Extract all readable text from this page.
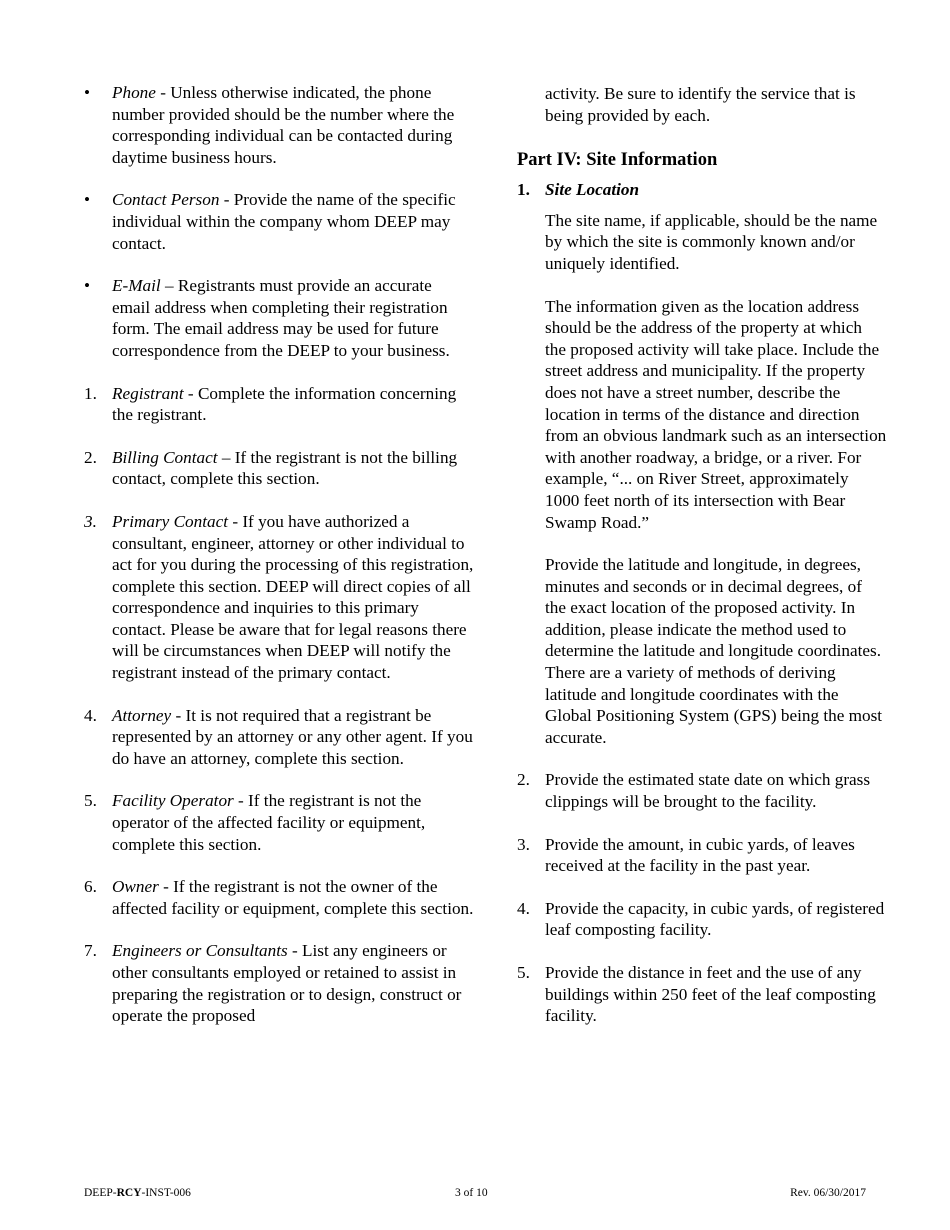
• Phone - Unless otherwise indicated, the phone number provided should be the number where the corresponding individual can be contacted during daytime business hours.
• Contact Person - Provide the name of the specific individual within the company whom DEEP may contact.
• E-Mail – Registrants must provide an accurate email address when completing their registration form. The email address may be used for future correspondence from the DEEP to your business.
1. Registrant - Complete the information concerning the registrant.
2. Billing Contact – If the registrant is not the billing contact, complete this section.
3. Primary Contact - If you have authorized a consultant, engineer, attorney or other individual to act for you during the processing of this registration, complete this section. DEEP will direct copies of all correspondence and inquiries to this primary contact. Please be aware that for legal reasons there will be circumstances when DEEP will notify the registrant instead of the primary contact.
4. Attorney - It is not required that a registrant be represented by an attorney or any other agent. If you do have an attorney, complete this section.
5. Facility Operator - If the registrant is not the operator of the affected facility or equipment, complete this section.
6. Owner - If the registrant is not the owner of the affected facility or equipment, complete this section.
7. Engineers or Consultants - List any engineers or other consultants employed or retained to assist in preparing the registration or to design, construct or operate the proposed

activity. Be sure to identify the service that is being provided by each.

Part IV: Site Information

1. Site Location

The site name, if applicable, should be the name by which the site is commonly known and/or uniquely identified.

The information given as the location address should be the address of the property at which the proposed activity will take place. Include the street address and municipality. If the property does not have a street number, describe the location in terms of the distance and direction from an obvious landmark such as an intersection with another roadway, a bridge, or a river. For example, “... on River Street, approximately 1000 feet north of its intersection with Bear Swamp Road.”

Provide the latitude and longitude, in degrees, minutes and seconds or in decimal degrees, of the exact location of the proposed activity. In addition, please indicate the method used to determine the latitude and longitude coordinates. There are a variety of methods of deriving latitude and longitude coordinates with the Global Positioning System (GPS) being the most accurate.

2. Provide the estimated state date on which grass clippings will be brought to the facility.
3. Provide the amount, in cubic yards, of leaves received at the facility in the past year.
4. Provide the capacity, in cubic yards, of registered leaf composting facility.
5. Provide the distance in feet and the use of any buildings within 250 feet of the leaf composting facility.
DEEP-RCY-INST-006	3 of 10	Rev. 06/30/2017
